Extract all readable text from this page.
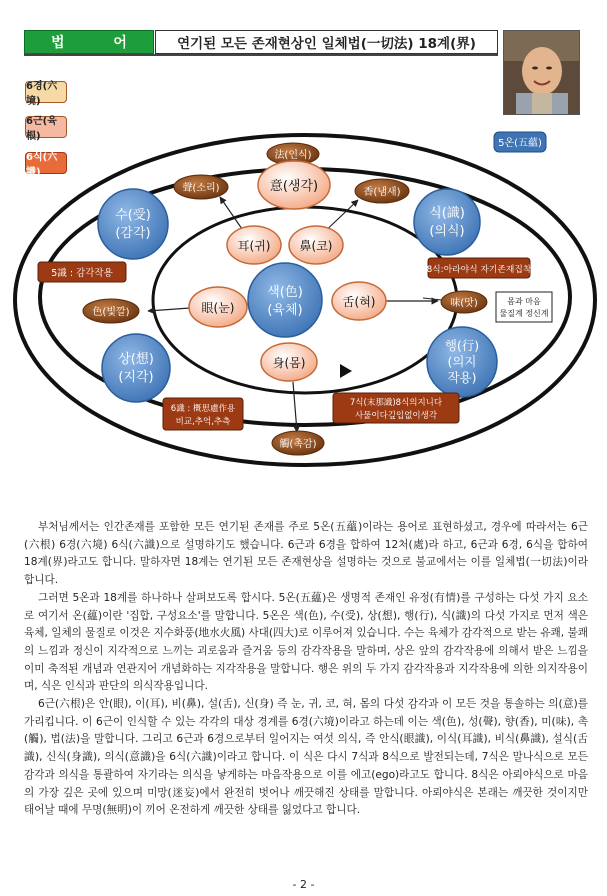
법 어	연기된 모든 존재현상인 일체법(一切法) 18계(界)
6경(六境)
6근(육根)
6식(六識)
法(인식)
意(생각)
聲(소리)	香(냄새)
色(빛깔)
味(맛)
觸(촉감)
耳(귀) 鼻(코)
眼(눈)	舌(혀)
身(몸)
색(色)
(육체)
수(受)
(감각)
식(識)
(의식)
상(想)
(지각)
행(行)
(의지
작용)
5온(五蘊)
5識 : 감각작용	8식:아라야식 자기존재집착
6識 : 概思慮作용
비교,추억,추측
7식(末那識)8식의지니다
사물이다깊입없이생각
몸과 마음
물질계 정신계

부처님께서는 인간존재를 포함한 모든 연기된 존재를 주로 5온(五蘊)이라는 용어로 표현하셨고, 경우에 따라서는 6근(六根) 6경(六境) 6식(六識)으로 설명하기도 했습니다. 6근과 6경을 합하여 12처(處)라 하고, 6근과 6경, 6식을 합하여 18계(界)라고도 합니다. 말하자면 18계는 연기된 모든 존재현상을 설명하는 것으로 불교에서는 이를 일체법(一切法)이라 합니다.

그러면 5온과 18계를 하나하나 살펴보도록 합시다. 5온(五蘊)은 생명적 존재인 유정(有情)를 구성하는 다섯 가지 요소로 여기서 온(蘊)이란 '집합, 구성요소'를 말합니다. 5온은 색(色), 수(受), 상(想), 행(行), 식(識)의 다섯 가지로 먼저 색은 육체, 일체의 물질로 이것은 지수화풍(地水火風) 사대(四大)로 이루어져 있습니다. 수는 육체가 감각적으로 받는 유쾌, 불쾌의 느낌과 정신이 지각적으로 느끼는 괴로움과 즐거움 등의 감각작용을 말하며, 상은 앞의 감각작용에 의해서 받은 느낌을 이미 축적된 개념과 연관지어 개념화하는 지각작용을 말합니다. 행은 위의 두 가지 감각작용과 지각작용에 의한 의지작용이며, 식은 인식과 판단의 의식작용입니다.

6근(六根)은 안(眼), 이(耳), 비(鼻), 설(舌), 신(身) 즉 눈, 귀, 코, 혀, 몸의 다섯 감각과 이 모든 것을 통솔하는 의(意)를 가리킵니다. 이 6근이 인식할 수 있는 각각의 대상 경계를 6경(六境)이라고 하는데 이는 색(色), 성(聲), 향(香), 미(味), 촉(觸), 법(法)을 말합니다. 그리고 6근과 6경으로부터 일어지는 여섯 의식, 즉 안식(眼識), 이식(耳識), 비식(鼻識), 설식(舌識), 신식(身識), 의식(意識)을 6식(六識)이라고 합니다. 이 식은 다시 7식과 8식으로 발전되는데, 7식은 말나식으로 모든 감각과 의식을 통괄하여 자기라는 의식을 낳게하는 마음작용으로 이를 에고(ego)라고도 합니다. 8식은 아뢰야식으로 마음의 가장 깊은 곳에 있으며 미망(迷妄)에서 완전히 벗어나 깨끗해진 상태를 말합니다. 아뢰야식은 본래는 깨끗한 것이지만 태어날 때에 무명(無明)이 끼어 온전하게 깨끗한 상태를 잃었다고 합니다.

- 2 -
